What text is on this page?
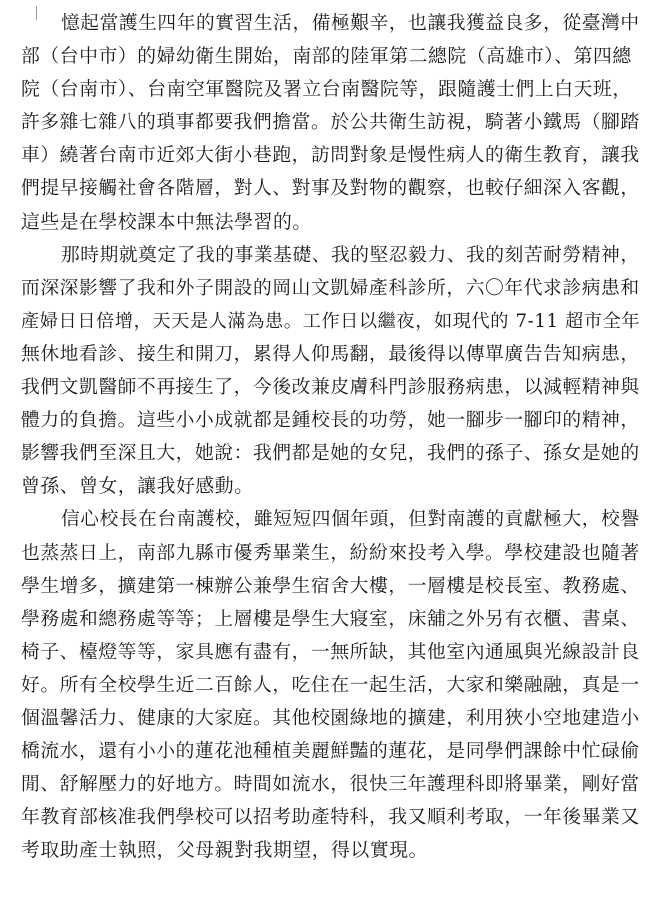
憶起當護生四年的實習生活，備極艱辛，也讓我獲益良多，從臺灣中
部（台中市）的婦幼衛生開始，南部的陸軍第二總院（高雄市）、第四總
院（台南市）、台南空軍醫院及署立台南醫院等，跟隨護士們上白天班，
許多雜七雜八的瑣事都要我們擔當。於公共衛生訪視，騎著小鐵馬（腳踏
車）繞著台南市近郊大街小巷跑，訪問對象是慢性病人的衛生教育，讓我
們提早接觸社會各階層，對人、對事及對物的觀察，也較仔細深入客觀，
這些是在學校課本中無法學習的。
那時期就奠定了我的事業基礎、我的堅忍毅力、我的刻苦耐勞精神，
而深深影響了我和外子開設的岡山文凱婦產科診所，六〇年代求診病患和
產婦日日倍增，天天是人滿為患。工作日以繼夜，如現代的 7-11 超市全年
無休地看診、接生和開刀，累得人仰馬翻，最後得以傳單廣告告知病患，
我們文凱醫師不再接生了，今後改兼皮膚科門診服務病患，以減輕精神與
體力的負擔。這些小小成就都是鍾校長的功勞，她一腳步一腳印的精神，
影響我們至深且大，她說：我們都是她的女兒，我們的孫子、孫女是她的
曾孫、曾女，讓我好感動。
信心校長在台南護校，雖短短四個年頭，但對南護的貢獻極大，校譽
也蒸蒸日上，南部九縣市優秀畢業生，紛紛來投考入學。學校建設也隨著
學生增多，擴建第一棟辦公兼學生宿舍大樓，一層樓是校長室、教務處、
學務處和總務處等等；上層樓是學生大寢室，床舖之外另有衣櫃、書桌、
椅子、檯燈等等，家具應有盡有，一無所缺，其他室內通風與光線設計良
好。所有全校學生近二百餘人，吃住在一起生活，大家和樂融融，真是一
個溫馨活力、健康的大家庭。其他校園綠地的擴建，利用狹小空地建造小
橋流水，還有小小的蓮花池種植美麗鮮豔的蓮花，是同學們課餘中忙碌偷
閒、舒解壓力的好地方。時間如流水，很快三年護理科即將畢業，剛好當
年教育部核准我們學校可以招考助產特科，我又順利考取，一年後畢業又
考取助產士執照，父母親對我期望，得以實現。
